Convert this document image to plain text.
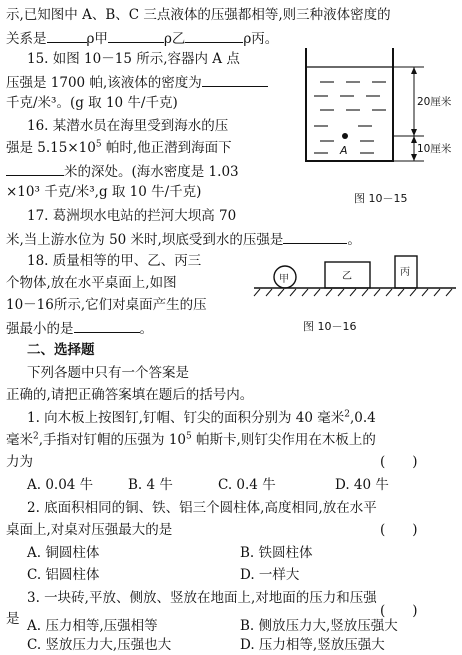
示,已知图中 A、B、C 三点液体的压强都相等,则三种液体密度的
关系是	ρ甲	ρ乙	ρ丙。
15. 如图 10－15 所示,容器内 A 点
压强是 1700 帕,该液体的密度为
千克/米³。(g 取 10 牛/千克)
16. 某潜水员在海里受到海水的压
强是 $5.15\times 10^5$ 帕时,他正潜到海面下
米的深处。(海水密度是 1.03
×10³ 千克/米³,g 取 10 牛/千克)
A
20厘米
10厘米
图 10－15
17. 葛洲坝水电站的拦河大坝高 70
米,当上游水位为 50 米时,坝底受到水的压强是	。
18. 质量相等的甲、乙、丙三
个物体,放在水平桌面上,如图
10－16所示,它们对桌面产生的压
强最小的是	。
甲	乙	丙
图 10－16
二、选择题
下列各题中只有一个答案是
正确的,请把正确答案填在题后的括号内。
1. 向木板上按图钉,钉帽、钉尖的面积分别为 40 毫米$^2$,0.4
毫米$^2$,手指对钉帽的压强为 $10^5$ 帕斯卡,则钉尖作用在木板上的
力为	(　　)
A. 0.04 牛	B. 4 牛	C. 0.4 牛	D. 40 牛
2. 底面积相同的铜、铁、铝三个圆柱体,高度相同,放在水平
桌面上,对桌对压强最大的是	(　　)
A. 铜圆柱体	B. 铁圆柱体
C. 铝圆柱体	D. 一样大
3. 一块砖,平放、侧放、竖放在地面上,对地面的压力和压强
是	(　　)
A. 压力相等,压强相等	B. 侧放压力大,竖放压强大
C. 竖放压力大,压强也大	D. 压力相等,竖放压强大
